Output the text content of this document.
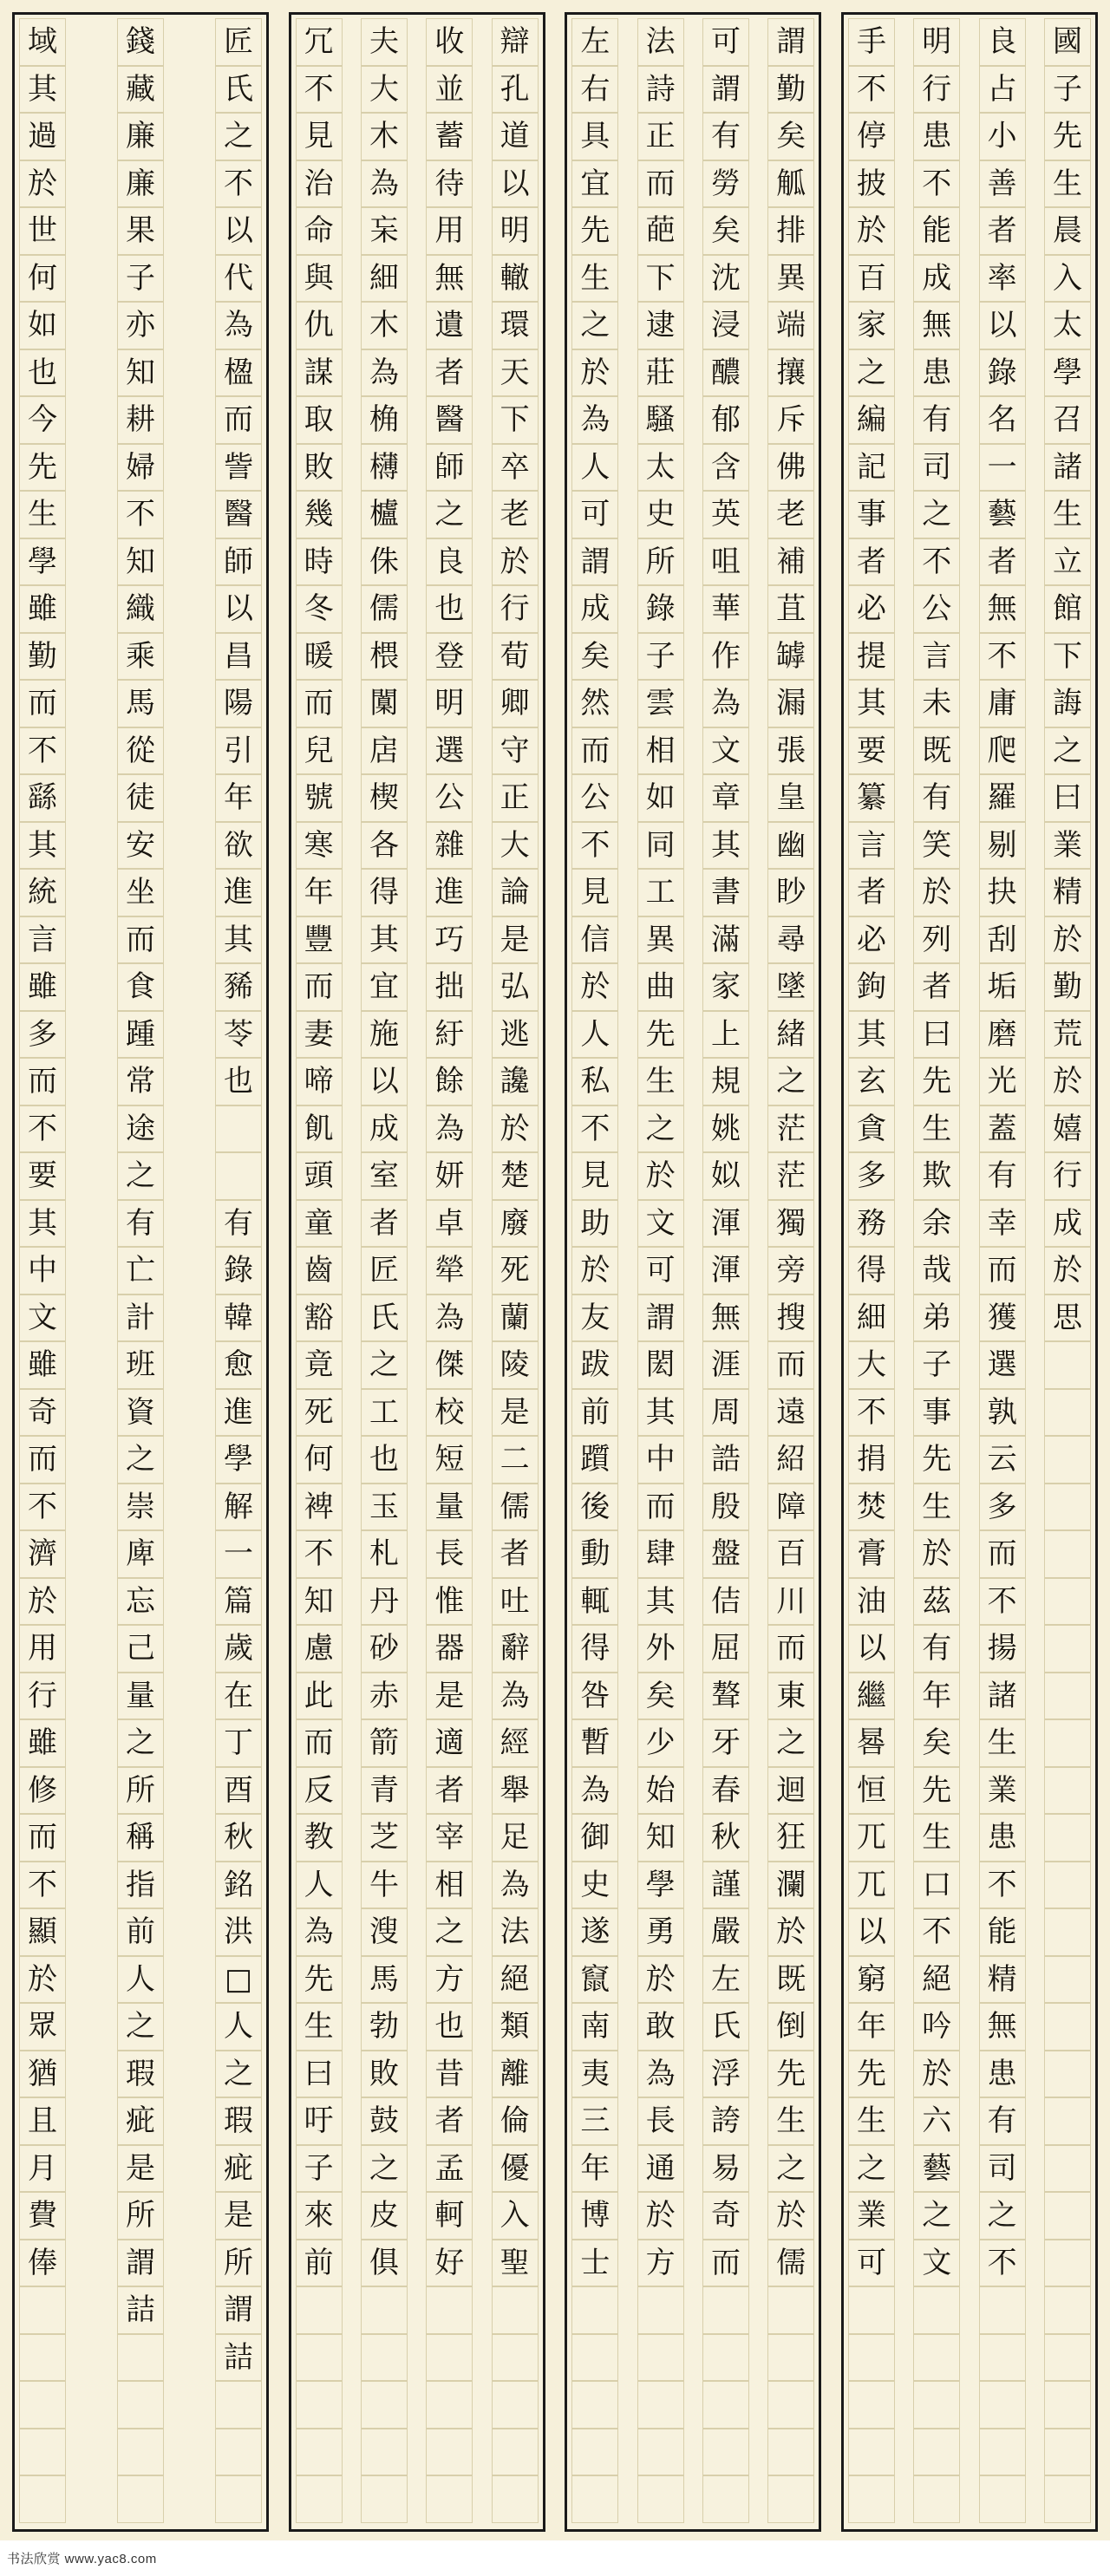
國
子
先
生
晨
入
太
學
召
諸
生
立
館
下
誨
之
曰
業
精
於
勤
荒
於
嬉
行
成
於
思
良
占
小
善
者
率
以
錄
名
一
藝
者
無
不
庸
爬
羅
剔
抉
刮
垢
磨
光
蓋
有
幸
而
獲
選
孰
云
多
而
不
揚
諸
生
業
患
不
能
精
無
患
有
司
之
不
明
行
患
不
能
成
無
患
有
司
之
不
公
言
未
既
有
笑
於
列
者
曰
先
生
欺
余
哉
弟
子
事
先
生
於
茲
有
年
矣
先
生
口
不
絕
吟
於
六
藝
之
文
手
不
停
披
於
百
家
之
編
記
事
者
必
提
其
要
纂
言
者
必
鉤
其
玄
貪
多
務
得
細
大
不
捐
焚
膏
油
以
繼
晷
恒
兀
兀
以
窮
年
先
生
之
業
可
謂
勤
矣
觚
排
異
端
攘
斥
佛
老
補
苴
罅
漏
張
皇
幽
眇
尋
墜
緒
之
茫
茫
獨
旁
搜
而
遠
紹
障
百
川
而
東
之
迴
狂
瀾
於
既
倒
先
生
之
於
儒
可
謂
有
勞
矣
沈
浸
醲
郁
含
英
咀
華
作
為
文
章
其
書
滿
家
上
規
姚
姒
渾
渾
無
涯
周
誥
殷
盤
佶
屈
聱
牙
春
秋
謹
嚴
左
氏
浮
誇
易
奇
而
法
詩
正
而
葩
下
逮
莊
騷
太
史
所
錄
子
雲
相
如
同
工
異
曲
先
生
之
於
文
可
謂
閎
其
中
而
肆
其
外
矣
少
始
知
學
勇
於
敢
為
長
通
於
方
左
右
具
宜
先
生
之
於
為
人
可
謂
成
矣
然
而
公
不
見
信
於
人
私
不
見
助
於
友
跋
前
躓
後
動
輒
得
咎
暫
為
御
史
遂
竄
南
夷
三
年
博
士
辯
孔
道
以
明
轍
環
天
下
卒
老
於
行
荀
卿
守
正
大
論
是
弘
逃
讒
於
楚
廢
死
蘭
陵
是
二
儒
者
吐
辭
為
經
舉
足
為
法
絕
類
離
倫
優
入
聖
收
並
蓄
待
用
無
遺
者
醫
師
之
良
也
登
明
選
公
雜
進
巧
拙
紆
餘
為
妍
卓
犖
為
傑
校
短
量
長
惟
器
是
適
者
宰
相
之
方
也
昔
者
孟
軻
好
夫
大
木
為
杗
細
木
為
桷
欂
櫨
侏
儒
椳
闑
扂
楔
各
得
其
宜
施
以
成
室
者
匠
氏
之
工
也
玉
札
丹
砂
赤
箭
青
芝
牛
溲
馬
勃
敗
鼓
之
皮
俱
冗
不
見
治
命
與
仇
謀
取
敗
幾
時
冬
暖
而
兒
號
寒
年
豐
而
妻
啼
飢
頭
童
齒
豁
竟
死
何
裨
不
知
慮
此
而
反
教
人
為
先
生
曰
吁
子
來
前
匠
氏
之
不
以
代
為
楹
而
訾
醫
師
以
昌
陽
引
年
欲
進
其
豨
苓
也
有
錄
韓
愈
進
學
解
一
篇
歲
在
丁
酉
秋
銘
洪
□
人
之
瑕
疵
是
所
謂
詰
錢
藏
廉
廉
果
子
亦
知
耕
婦
不
知
織
乘
馬
從
徒
安
坐
而
食
踵
常
途
之
有
亡
計
班
資
之
崇
庳
忘
己
量
之
所
稱
指
前
人
之
瑕
疵
是
所
謂
詰
域
其
過
於
世
何
如
也
今
先
生
學
雖
勤
而
不
繇
其
統
言
雖
多
而
不
要
其
中
文
雖
奇
而
不
濟
於
用
行
雖
修
而
不
顯
於
眾
猶
且
月
費
俸
书法欣赏 www.yac8.com
